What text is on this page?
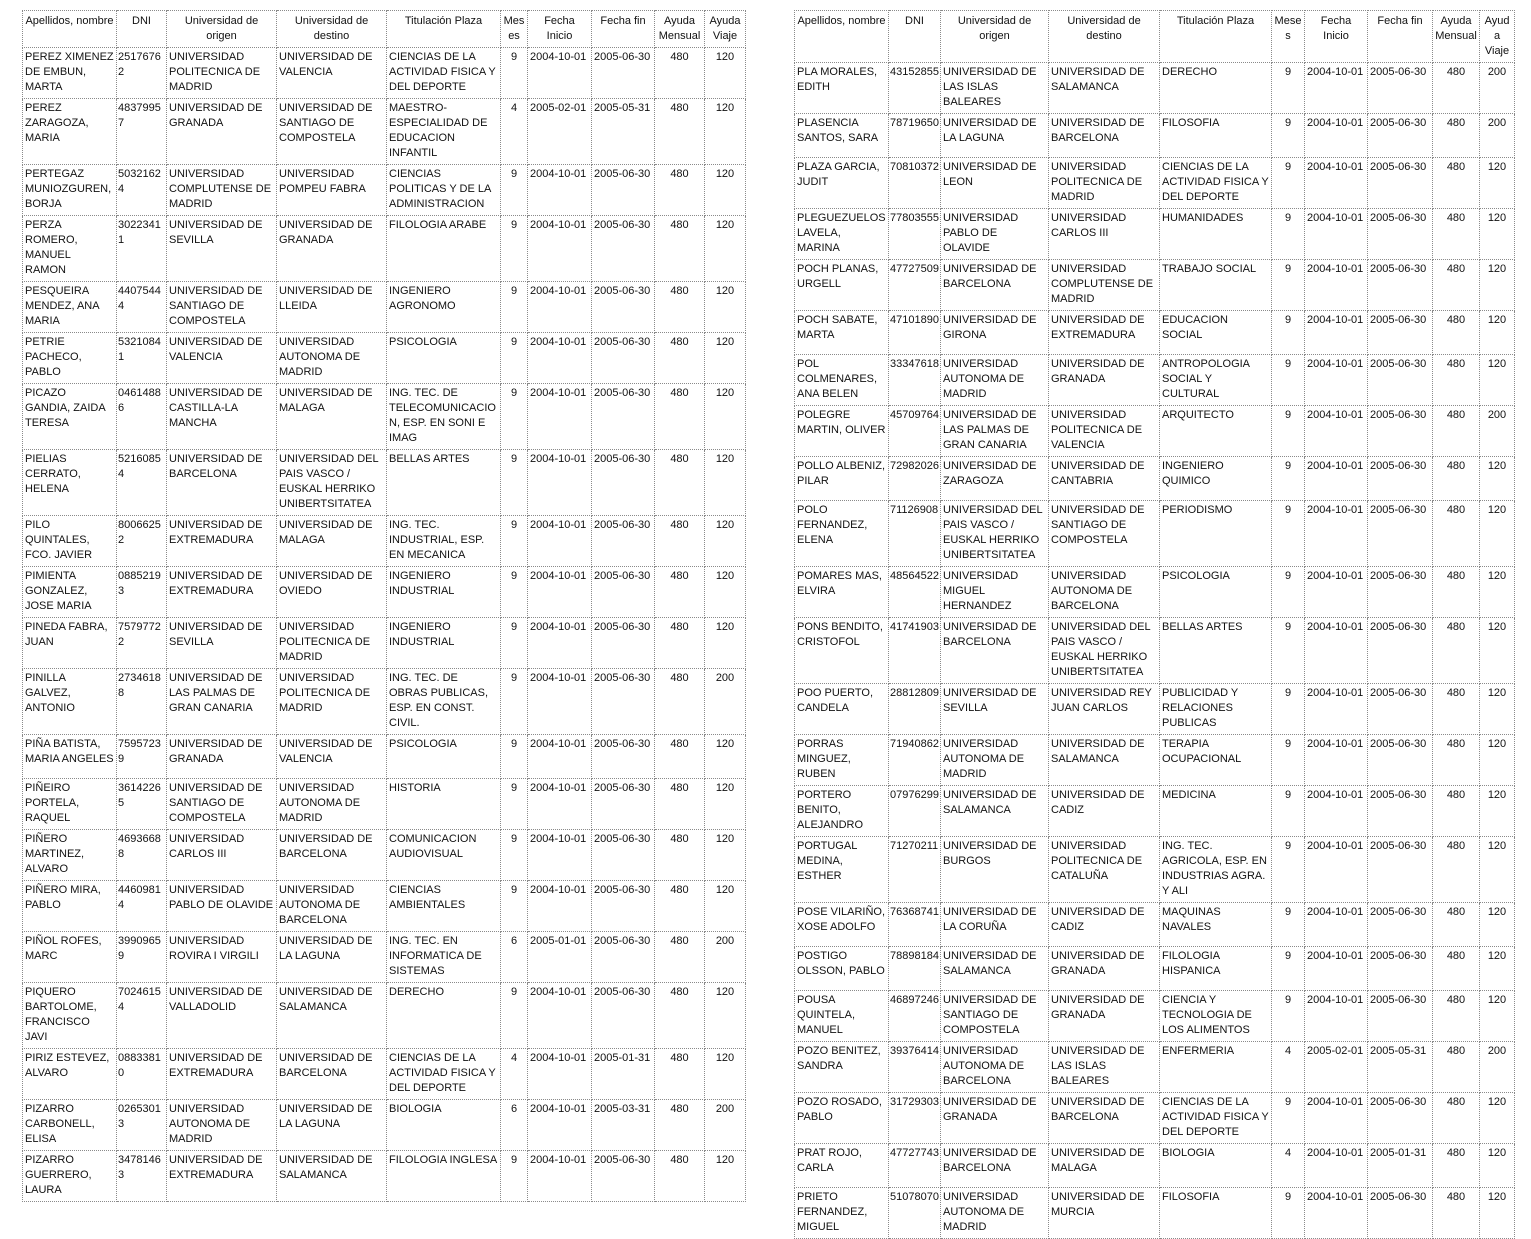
Apellidos, nombre	DNI	Universidad de origen	Universidad de destino	Titulación Plaza	Meses	Fecha Inicio	Fecha fin	Ayuda Mensual	Ayuda Viaje
PEREZ XIMENEZ DE EMBUN, MARTA	25176762	UNIVERSIDAD POLITECNICA DE MADRID	UNIVERSIDAD DE VALENCIA	CIENCIAS DE LA ACTIVIDAD FISICA Y DEL DEPORTE	9	2004-10-01	2005-06-30	480	120
PEREZ ZARAGOZA, MARIA	48379957	UNIVERSIDAD DE GRANADA	UNIVERSIDAD DE SANTIAGO DE COMPOSTELA	MAESTRO-ESPECIALIDAD DE EDUCACION INFANTIL	4	2005-02-01	2005-05-31	480	120
PERTEGAZ MUNIOZGUREN, BORJA	50321624	UNIVERSIDAD COMPLUTENSE DE MADRID	UNIVERSIDAD POMPEU FABRA	CIENCIAS POLITICAS Y DE LA ADMINISTRACION	9	2004-10-01	2005-06-30	480	120
PERZA ROMERO, MANUEL RAMON	30223411	UNIVERSIDAD DE SEVILLA	UNIVERSIDAD DE GRANADA	FILOLOGIA ARABE	9	2004-10-01	2005-06-30	480	120
PESQUEIRA MENDEZ, ANA MARIA	44075444	UNIVERSIDAD DE SANTIAGO DE COMPOSTELA	UNIVERSIDAD DE LLEIDA	INGENIERO AGRONOMO	9	2004-10-01	2005-06-30	480	120
PETRIE PACHECO, PABLO	53210841	UNIVERSIDAD DE VALENCIA	UNIVERSIDAD AUTONOMA DE MADRID	PSICOLOGIA	9	2004-10-01	2005-06-30	480	120
PICAZO GANDIA, ZAIDA TERESA	04614886	UNIVERSIDAD DE CASTILLA-LA MANCHA	UNIVERSIDAD DE MALAGA	ING. TEC. DE TELECOMUNICACION, ESP. EN SONI E IMAG	9	2004-10-01	2005-06-30	480	120
PIELIAS CERRATO, HELENA	52160854	UNIVERSIDAD DE BARCELONA	UNIVERSIDAD DEL PAIS VASCO / EUSKAL HERRIKO UNIBERTSITATEA	BELLAS ARTES	9	2004-10-01	2005-06-30	480	120
PILO QUINTALES, FCO. JAVIER	80066252	UNIVERSIDAD DE EXTREMADURA	UNIVERSIDAD DE MALAGA	ING. TEC. INDUSTRIAL, ESP. EN MECANICA	9	2004-10-01	2005-06-30	480	120
PIMIENTA GONZALEZ, JOSE MARIA	08852193	UNIVERSIDAD DE EXTREMADURA	UNIVERSIDAD DE OVIEDO	INGENIERO INDUSTRIAL	9	2004-10-01	2005-06-30	480	120
PINEDA FABRA, JUAN	75797722	UNIVERSIDAD DE SEVILLA	UNIVERSIDAD POLITECNICA DE MADRID	INGENIERO INDUSTRIAL	9	2004-10-01	2005-06-30	480	120
PINILLA GALVEZ, ANTONIO	27346188	UNIVERSIDAD DE LAS PALMAS DE GRAN CANARIA	UNIVERSIDAD POLITECNICA DE MADRID	ING. TEC. DE OBRAS PUBLICAS, ESP. EN CONST. CIVIL.	9	2004-10-01	2005-06-30	480	200
PIÑA BATISTA, MARIA ANGELES	75957239	UNIVERSIDAD DE GRANADA	UNIVERSIDAD DE VALENCIA	PSICOLOGIA	9	2004-10-01	2005-06-30	480	120
PIÑEIRO PORTELA, RAQUEL	36142265	UNIVERSIDAD DE SANTIAGO DE COMPOSTELA	UNIVERSIDAD AUTONOMA DE MADRID	HISTORIA	9	2004-10-01	2005-06-30	480	120
PIÑERO MARTINEZ, ALVARO	46936688	UNIVERSIDAD CARLOS III	UNIVERSIDAD DE BARCELONA	COMUNICACION AUDIOVISUAL	9	2004-10-01	2005-06-30	480	120
PIÑERO MIRA, PABLO	44609814	UNIVERSIDAD PABLO DE OLAVIDE	UNIVERSIDAD AUTONOMA DE BARCELONA	CIENCIAS AMBIENTALES	9	2004-10-01	2005-06-30	480	120
PIÑOL ROFES, MARC	39909659	UNIVERSIDAD ROVIRA I VIRGILI	UNIVERSIDAD DE LA LAGUNA	ING. TEC. EN INFORMATICA DE SISTEMAS	6	2005-01-01	2005-06-30	480	200
PIQUERO BARTOLOME, FRANCISCO JAVI	70246154	UNIVERSIDAD DE VALLADOLID	UNIVERSIDAD DE SALAMANCA	DERECHO	9	2004-10-01	2005-06-30	480	120
PIRIZ ESTEVEZ, ALVARO	08833810	UNIVERSIDAD DE EXTREMADURA	UNIVERSIDAD DE BARCELONA	CIENCIAS DE LA ACTIVIDAD FISICA Y DEL DEPORTE	4	2004-10-01	2005-01-31	480	120
PIZARRO CARBONELL, ELISA	02653013	UNIVERSIDAD AUTONOMA DE MADRID	UNIVERSIDAD DE LA LAGUNA	BIOLOGIA	6	2004-10-01	2005-03-31	480	200
PIZARRO GUERRERO, LAURA	34781463	UNIVERSIDAD DE EXTREMADURA	UNIVERSIDAD DE SALAMANCA	FILOLOGIA INGLESA	9	2004-10-01	2005-06-30	480	120
Apellidos, nombre	DNI	Universidad de origen	Universidad de destino	Titulación Plaza	Meses	Fecha Inicio	Fecha fin	Ayuda Mensual	Ayuda Viaje
PLA MORALES, EDITH	43152855	UNIVERSIDAD DE LAS ISLAS BALEARES	UNIVERSIDAD DE SALAMANCA	DERECHO	9	2004-10-01	2005-06-30	480	200
PLASENCIA SANTOS, SARA	78719650	UNIVERSIDAD DE LA LAGUNA	UNIVERSIDAD DE BARCELONA	FILOSOFIA	9	2004-10-01	2005-06-30	480	200
PLAZA GARCIA, JUDIT	70810372	UNIVERSIDAD DE LEON	UNIVERSIDAD POLITECNICA DE MADRID	CIENCIAS DE LA ACTIVIDAD FISICA Y DEL DEPORTE	9	2004-10-01	2005-06-30	480	120
PLEGUEZUELOS LAVELA, MARINA	77803555	UNIVERSIDAD PABLO DE OLAVIDE	UNIVERSIDAD CARLOS III	HUMANIDADES	9	2004-10-01	2005-06-30	480	120
POCH PLANAS, URGELL	47727509	UNIVERSIDAD DE BARCELONA	UNIVERSIDAD COMPLUTENSE DE MADRID	TRABAJO SOCIAL	9	2004-10-01	2005-06-30	480	120
POCH SABATE, MARTA	47101890	UNIVERSIDAD DE GIRONA	UNIVERSIDAD DE EXTREMADURA	EDUCACION SOCIAL	9	2004-10-01	2005-06-30	480	120
POL COLMENARES, ANA BELEN	33347618	UNIVERSIDAD AUTONOMA DE MADRID	UNIVERSIDAD DE GRANADA	ANTROPOLOGIA SOCIAL Y CULTURAL	9	2004-10-01	2005-06-30	480	120
POLEGRE MARTIN, OLIVER	45709764	UNIVERSIDAD DE LAS PALMAS DE GRAN CANARIA	UNIVERSIDAD POLITECNICA DE VALENCIA	ARQUITECTO	9	2004-10-01	2005-06-30	480	200
POLLO ALBENIZ, PILAR	72982026	UNIVERSIDAD DE ZARAGOZA	UNIVERSIDAD DE CANTABRIA	INGENIERO QUIMICO	9	2004-10-01	2005-06-30	480	120
POLO FERNANDEZ, ELENA	71126908	UNIVERSIDAD DEL PAIS VASCO / EUSKAL HERRIKO UNIBERTSITATEA	UNIVERSIDAD DE SANTIAGO DE COMPOSTELA	PERIODISMO	9	2004-10-01	2005-06-30	480	120
POMARES MAS, ELVIRA	48564522	UNIVERSIDAD MIGUEL HERNANDEZ	UNIVERSIDAD AUTONOMA DE BARCELONA	PSICOLOGIA	9	2004-10-01	2005-06-30	480	120
PONS BENDITO, CRISTOFOL	41741903	UNIVERSIDAD DE BARCELONA	UNIVERSIDAD DEL PAIS VASCO / EUSKAL HERRIKO UNIBERTSITATEA	BELLAS ARTES	9	2004-10-01	2005-06-30	480	120
POO PUERTO, CANDELA	28812809	UNIVERSIDAD DE SEVILLA	UNIVERSIDAD REY JUAN CARLOS	PUBLICIDAD Y RELACIONES PUBLICAS	9	2004-10-01	2005-06-30	480	120
PORRAS MINGUEZ, RUBEN	71940862	UNIVERSIDAD AUTONOMA DE MADRID	UNIVERSIDAD DE SALAMANCA	TERAPIA OCUPACIONAL	9	2004-10-01	2005-06-30	480	120
PORTERO BENITO, ALEJANDRO	07976299	UNIVERSIDAD DE SALAMANCA	UNIVERSIDAD DE CADIZ	MEDICINA	9	2004-10-01	2005-06-30	480	120
PORTUGAL MEDINA, ESTHER	71270211	UNIVERSIDAD DE BURGOS	UNIVERSIDAD POLITECNICA DE CATALUÑA	ING. TEC. AGRICOLA, ESP. EN INDUSTRIAS AGRA. Y ALI	9	2004-10-01	2005-06-30	480	120
POSE VILARIÑO, XOSE ADOLFO	76368741	UNIVERSIDAD DE LA CORUÑA	UNIVERSIDAD DE CADIZ	MAQUINAS NAVALES	9	2004-10-01	2005-06-30	480	120
POSTIGO OLSSON, PABLO	78898184	UNIVERSIDAD DE SALAMANCA	UNIVERSIDAD DE GRANADA	FILOLOGIA HISPANICA	9	2004-10-01	2005-06-30	480	120
POUSA QUINTELA, MANUEL	46897246	UNIVERSIDAD DE SANTIAGO DE COMPOSTELA	UNIVERSIDAD DE GRANADA	CIENCIA Y TECNOLOGIA DE LOS ALIMENTOS	9	2004-10-01	2005-06-30	480	120
POZO BENITEZ, SANDRA	39376414	UNIVERSIDAD AUTONOMA DE BARCELONA	UNIVERSIDAD DE LAS ISLAS BALEARES	ENFERMERIA	4	2005-02-01	2005-05-31	480	200
POZO ROSADO, PABLO	31729303	UNIVERSIDAD DE GRANADA	UNIVERSIDAD DE BARCELONA	CIENCIAS DE LA ACTIVIDAD FISICA Y DEL DEPORTE	9	2004-10-01	2005-06-30	480	120
PRAT ROJO, CARLA	47727743	UNIVERSIDAD DE BARCELONA	UNIVERSIDAD DE MALAGA	BIOLOGIA	4	2004-10-01	2005-01-31	480	120
PRIETO FERNANDEZ, MIGUEL	51078070	UNIVERSIDAD AUTONOMA DE MADRID	UNIVERSIDAD DE MURCIA	FILOSOFIA	9	2004-10-01	2005-06-30	480	120
